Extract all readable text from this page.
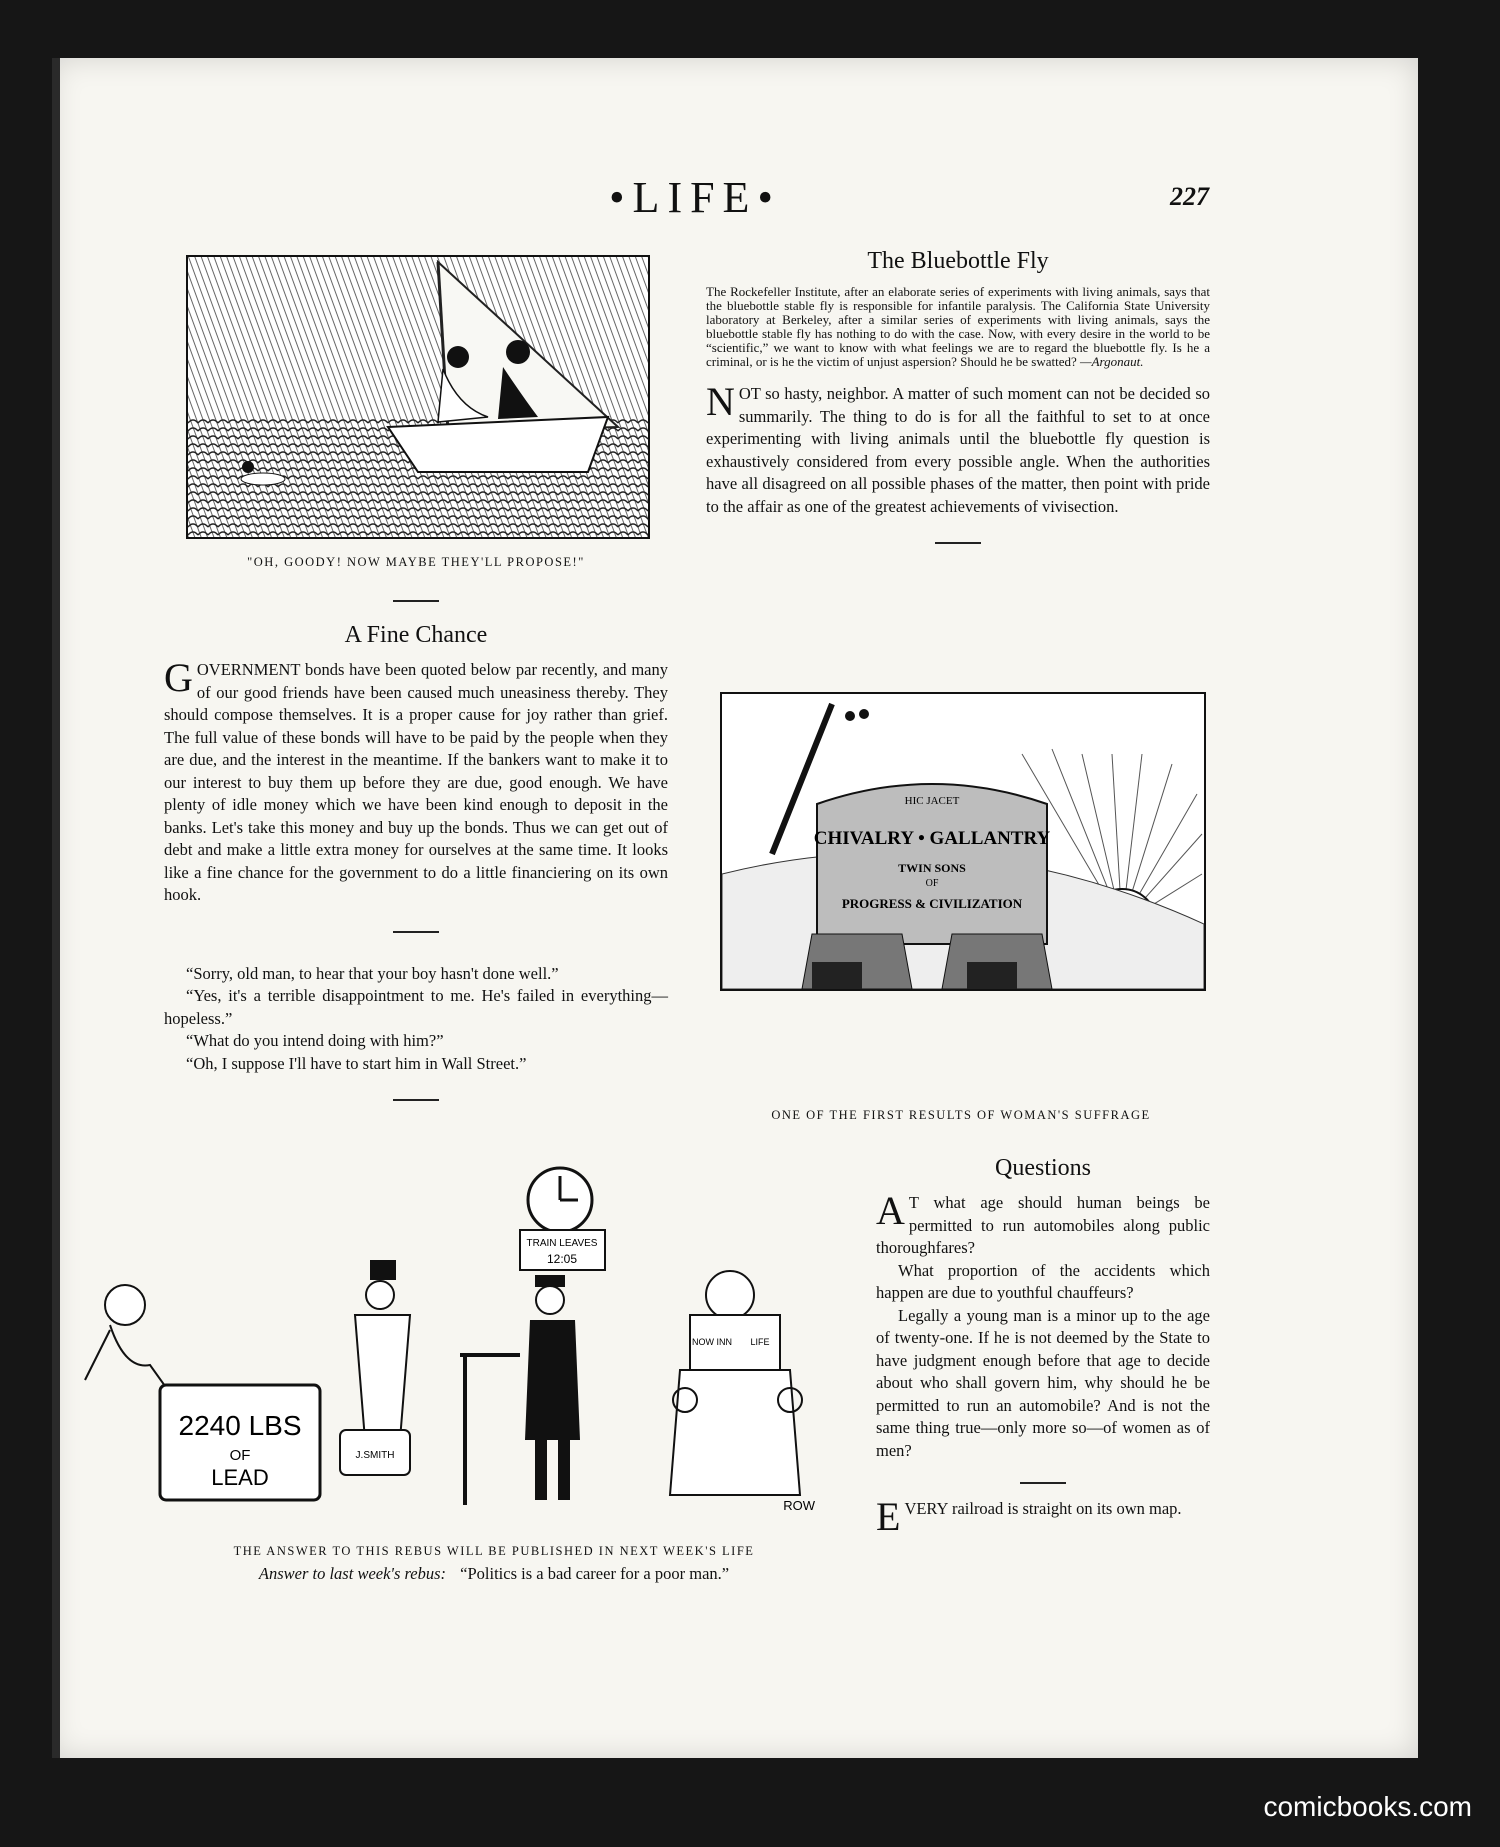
•LIFE•	227
"OH, GOODY! NOW MAYBE THEY'LL PROPOSE!"
A Fine Chance
G OVERNMENT bonds have been quoted below par recently, and many of our good friends have been caused much uneasiness thereby. They should compose themselves. It is a proper cause for joy rather than grief. The full value of these bonds will have to be paid by the people when they are due, and the interest in the meantime. If the bankers want to make it to our interest to buy them up before they are due, good enough. We have plenty of idle money which we have been kind enough to deposit in the banks. Let's take this money and buy up the bonds. Thus we can get out of debt and make a little extra money for ourselves at the same time. It looks like a fine chance for the government to do a little financiering on its own hook.
“Sorry, old man, to hear that your boy hasn't done well.”
“Yes, it's a terrible disappointment to me. He's failed in everything—hopeless.”
“What do you intend doing with him?”
“Oh, I suppose I'll have to start him in Wall Street.”
The Bluebottle Fly
The Rockefeller Institute, after an elaborate series of experiments with living animals, says that the bluebottle stable fly is responsible for infantile paralysis. The California State University laboratory at Berkeley, after a similar series of experiments with living animals, says the bluebottle stable fly has nothing to do with the case. Now, with every desire in the world to be “scientific,” we want to know with what feelings we are to regard the bluebottle fly. Is he a criminal, or is he the victim of unjust aspersion? Should he be swatted? —Argonaut.
N OT so hasty, neighbor. A matter of such moment can not be decided so summarily. The thing to do is for all the faithful to set to at once experimenting with living animals until the bluebottle fly question is exhaustively considered from every possible angle. When the authorities have all disagreed on all possible phases of the matter, then point with pride to the affair as one of the greatest achievements of vivisection.
HIC JACET
CHIVALRY • GALLANTRY
TWIN SONS
OF
PROGRESS & CIVILIZATION
ONE OF THE FIRST RESULTS OF WOMAN'S SUFFRAGE
Questions
A T what age should human beings be permitted to run automobiles along public thoroughfares?
What proportion of the accidents which happen are due to youthful chauffeurs?
Legally a young man is a minor up to the age of twenty-one. If he is not deemed by the State to have judgment enough before that age to decide about who shall govern him, why should he be permitted to run an automobile? And is not the same thing true—only more so—of women as of men?
E VERY railroad is straight on its own map.
2240 LBS
OF
LEAD
J.SMITH
TRAIN LEAVES
12:05
NOW INN LIFE
ROW
THE ANSWER TO THIS REBUS WILL BE PUBLISHED IN NEXT WEEK'S LIFE
Answer to last week's rebus: “Politics is a bad career for a poor man.”
comicbooks.com
